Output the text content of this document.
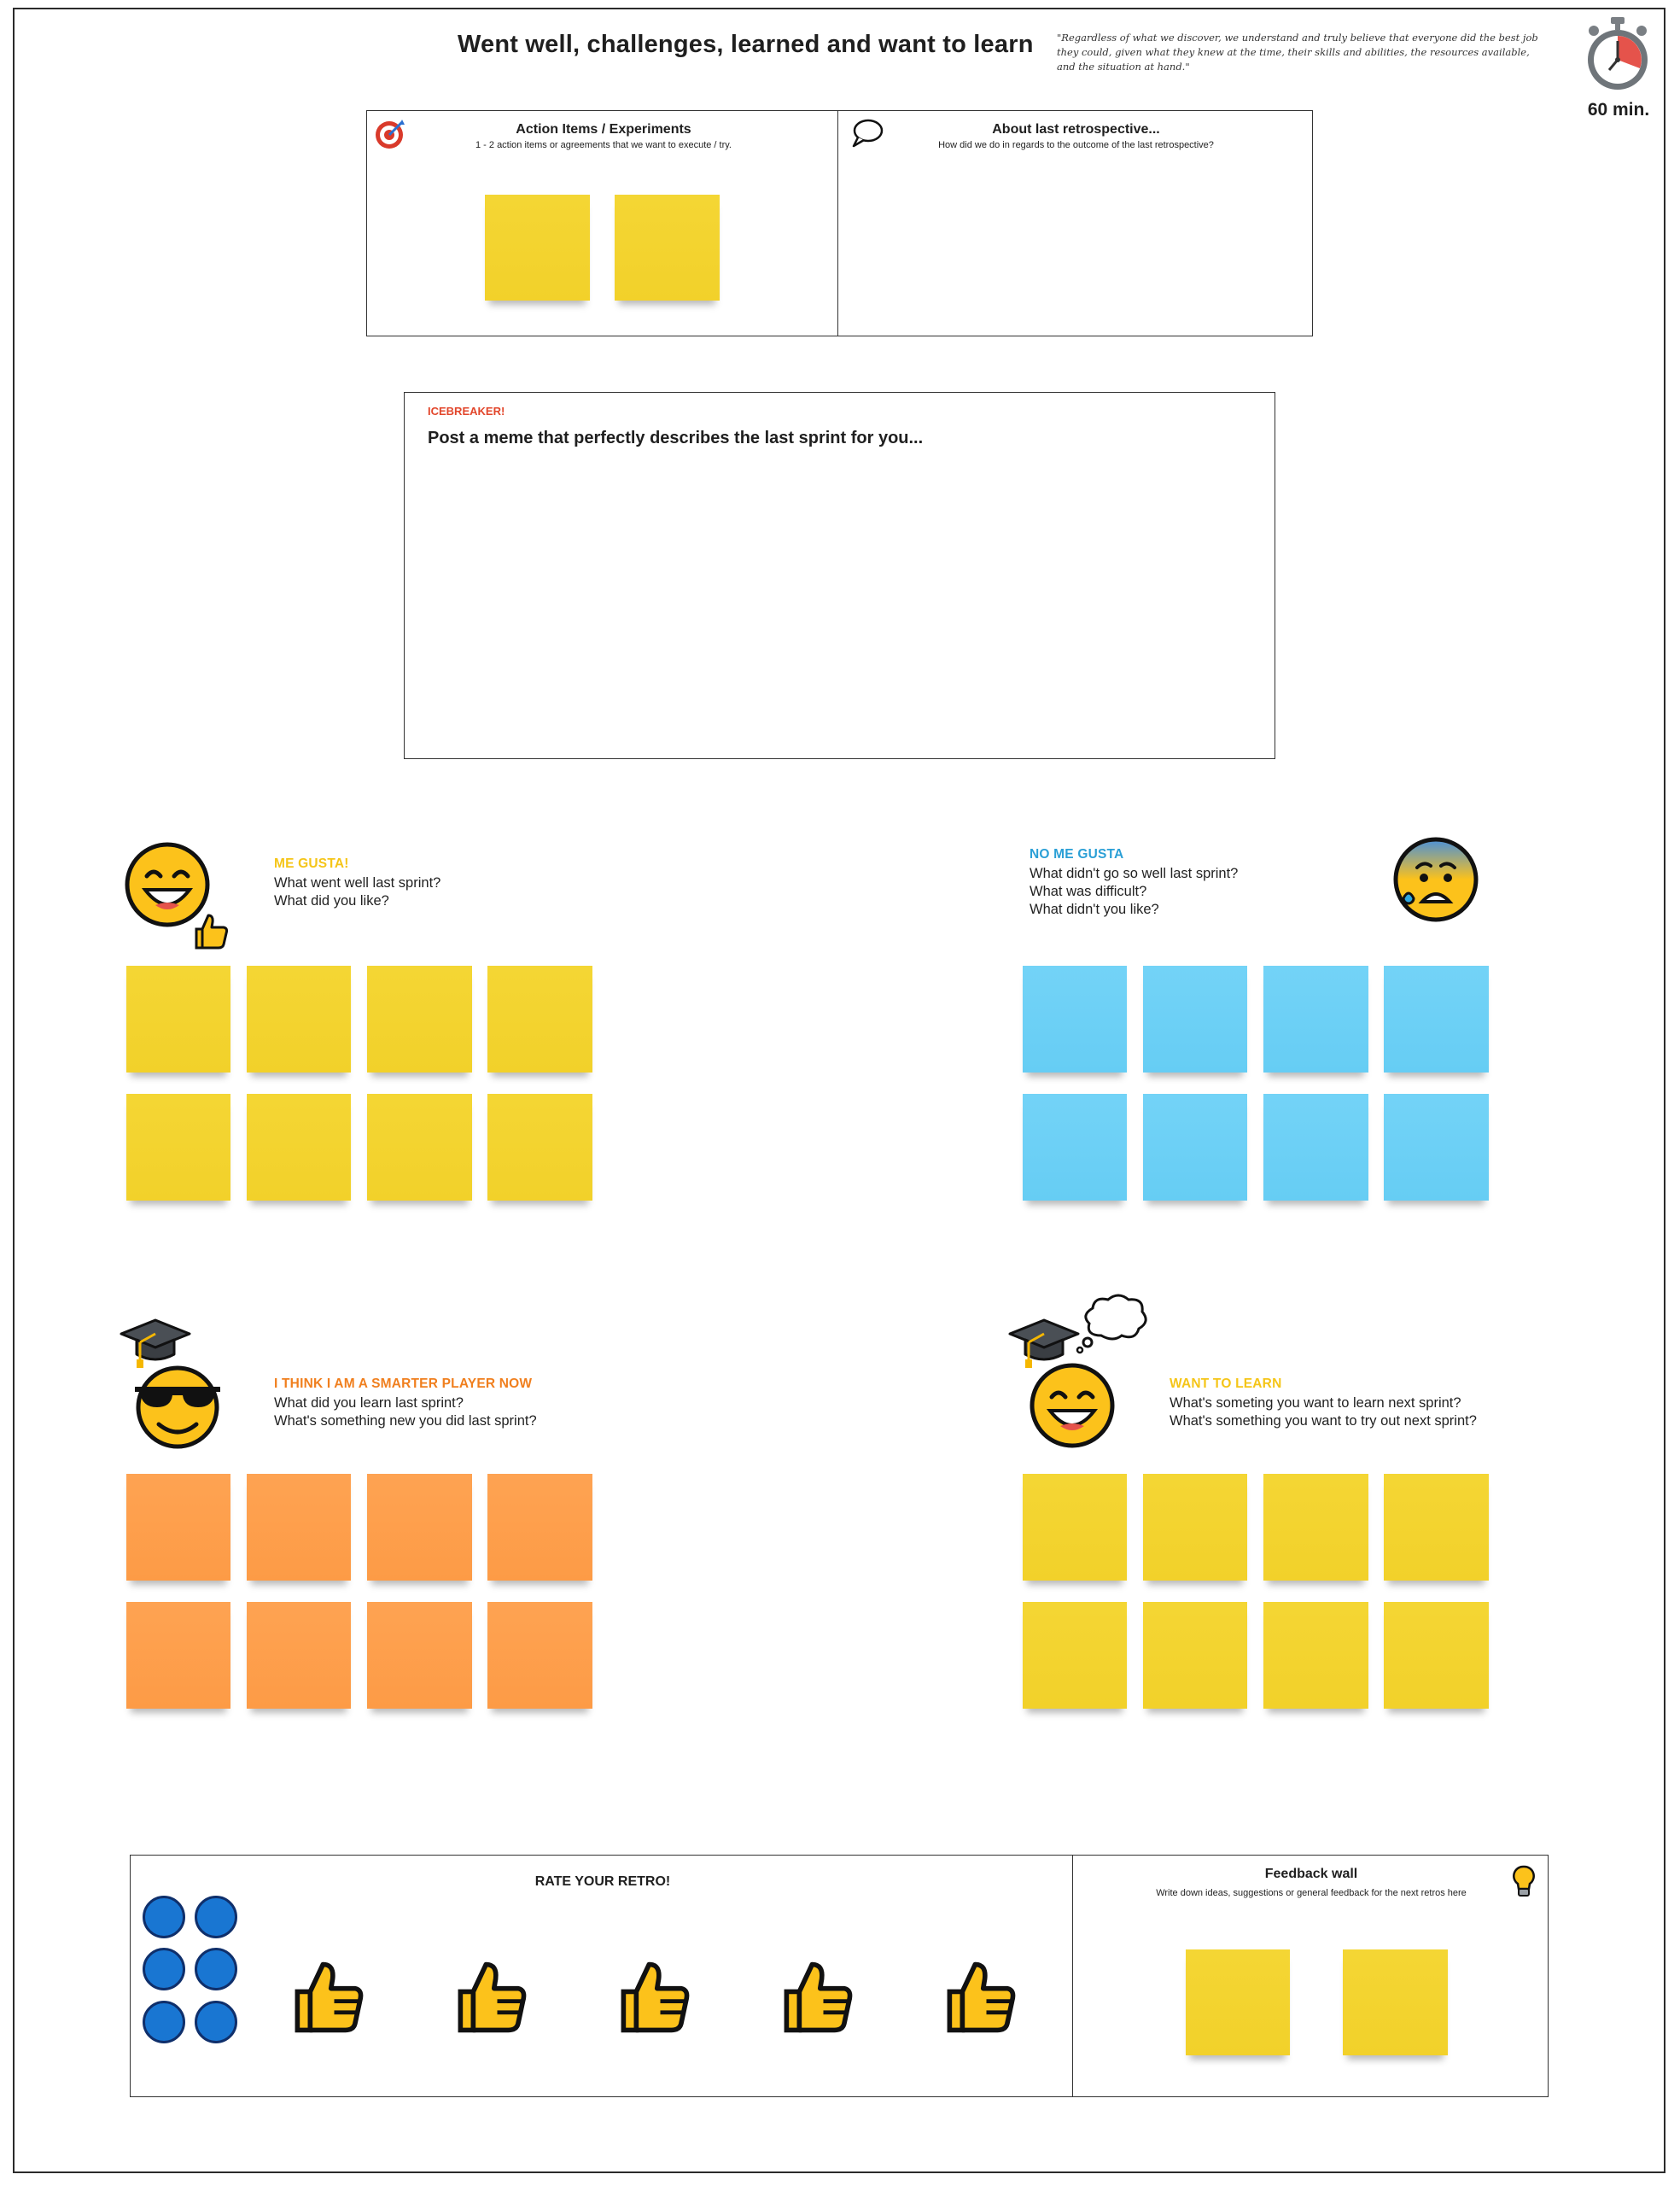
Went well, challenges, learned and want to learn "Regardless of what we discover, we understand and truly believe that everyone did the best job they could, given what they knew at the time, their skills and abilities, the resources available, and the situation at hand."
60 min.
Action Items / Experiments
1 - 2 action items or agreements that we want to execute / try.
About last retrospective...
How did we do in regards to the outcome of the last retrospective?
ICEBREAKER!
Post a meme that perfectly describes the last sprint for you...
ME GUSTA!
What went well last sprint?
What did you like?
NO ME GUSTA
What didn't go so well last sprint?
What was difficult?
What didn't you like?
I THINK I AM A SMARTER PLAYER NOW
What did you learn last sprint?
What's something new you did last sprint?
WANT TO LEARN
What's someting you want to learn next sprint?
What's something you want to try out next sprint?
RATE YOUR RETRO!
Feedback wall
Write down ideas, suggestions or general feedback for the next retros here
